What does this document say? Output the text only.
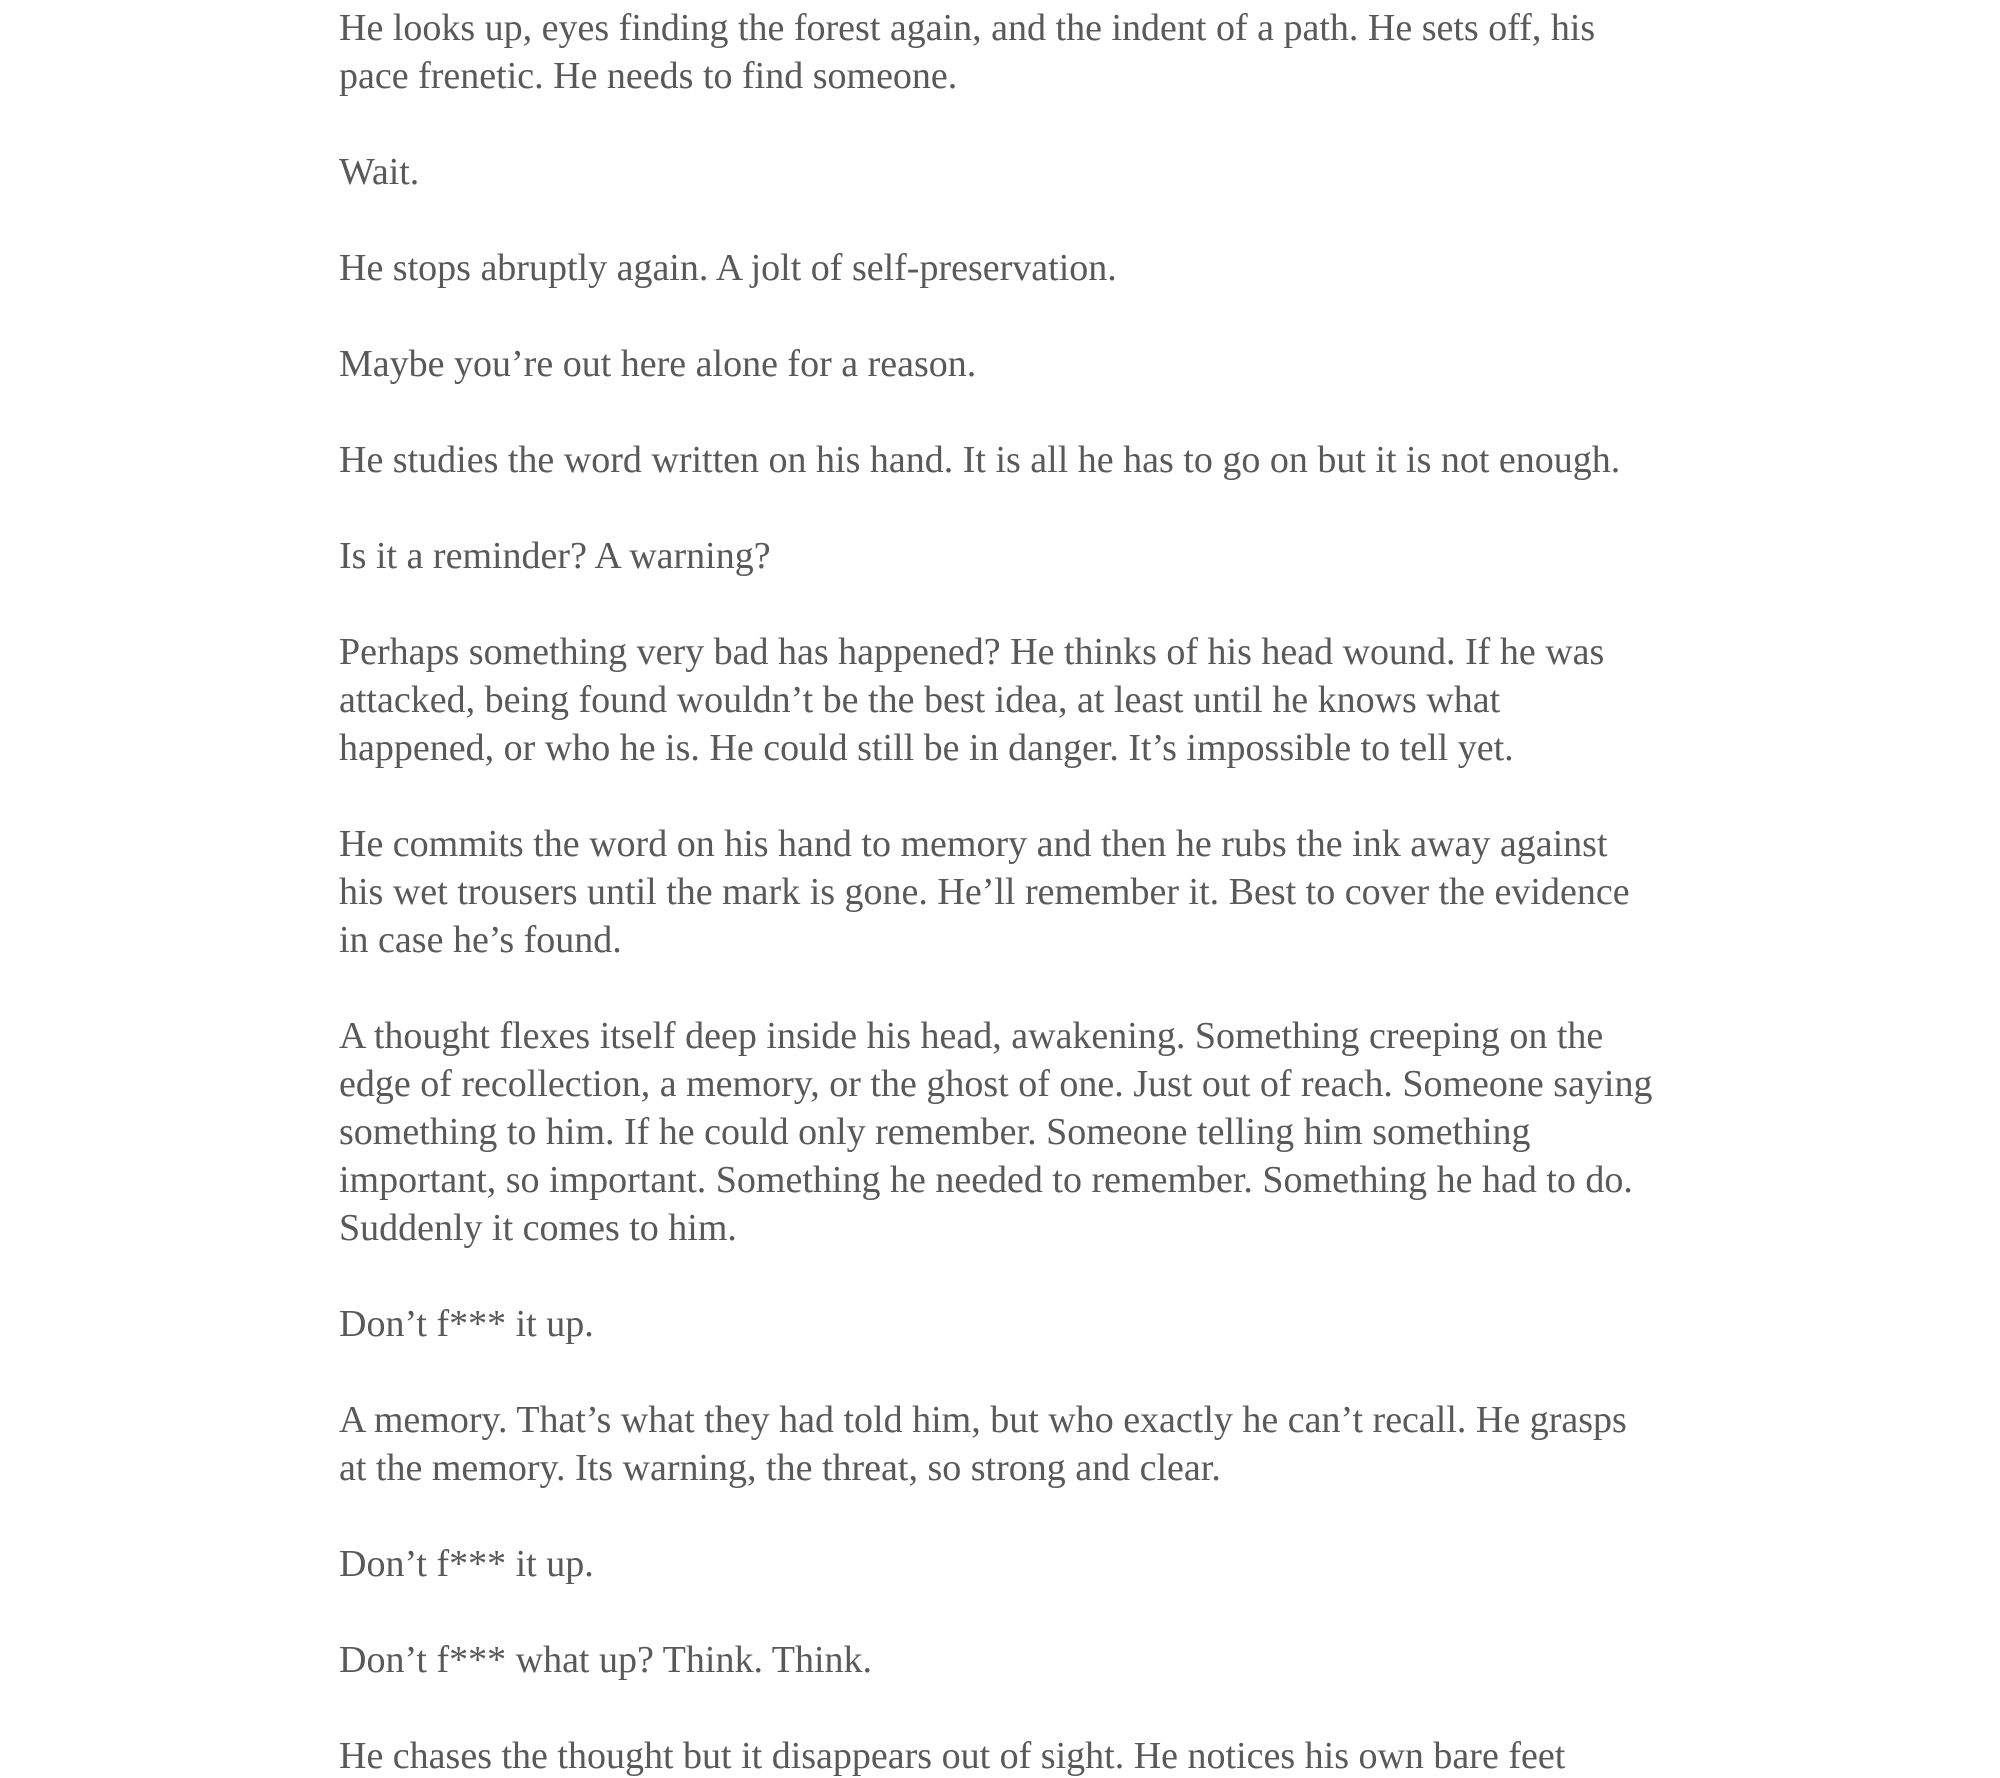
He looks up, eyes finding the forest again, and the indent of a path. He sets off, his
pace frenetic. He needs to find someone.

Wait.

He stops abruptly again. A jolt of self-preservation.

Maybe you’re out here alone for a reason.

He studies the word written on his hand. It is all he has to go on but it is not enough.

Is it a reminder? A warning?

Perhaps something very bad has happened? He thinks of his head wound. If he was
attacked, being found wouldn’t be the best idea, at least until he knows what
happened, or who he is. He could still be in danger. It’s impossible to tell yet.

He commits the word on his hand to memory and then he rubs the ink away against
his wet trousers until the mark is gone. He’ll remember it. Best to cover the evidence
in case he’s found.

A thought flexes itself deep inside his head, awakening. Something creeping on the
edge of recollection, a memory, or the ghost of one. Just out of reach. Someone saying
something to him. If he could only remember. Someone telling him something
important, so important. Something he needed to remember. Something he had to do.
Suddenly it comes to him.

Don’t f*** it up.

A memory. That’s what they had told him, but who exactly he can’t recall. He grasps
at the memory. Its warning, the threat, so strong and clear.

Don’t f*** it up.

Don’t f*** what up? Think. Think.

He chases the thought but it disappears out of sight. He notices his own bare feet
